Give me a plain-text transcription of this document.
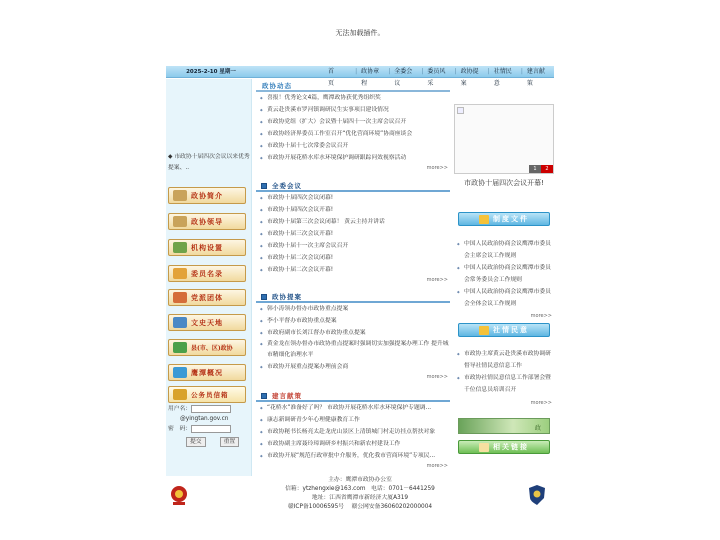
无法加载插件。
2025-2-10 星期一	首　　页
| 政协章程
| 全委会议
| 委员风采
| 政协提案
| 社情民意
| 建言献策
◆ 市政协十届四次会议以来优秀提案、..
政协简介
政协领导
机构设置
委员名录
党派团体
文史天地
县(市、区)政协
鹰潭概况
公务员信箱
用户名：
@yingtan.gov.cn
密　码：
提交	重置
政协动态
◆ 喜报！优秀论文4篇，鹰潭政协获优秀组织奖
◆ 黄云赴贵溪市罗河镇调研民生实事项目建设情况
◆ 市政协党组（扩大）会议暨十届四十一次主席会议召开
◆ 市政协经济界委员工作室召开“优化营商环境”协商座谈会
◆ 市政协十届十七次常委会议召开
◆ 市政协开展花桥水库水环境保护调研跟踪问效视察活动
more>>
全委会议
◆ 市政协十届四次会议闭幕!
◆ 市政协十届四次会议开幕!
◆ 市政协十届第三次会议闭幕！ 黄云主持并讲话
◆ 市政协十届三次会议开幕!
◆ 市政协十届十一次主席会议召开
◆ 市政协十届二次会议闭幕!
◆ 市政协十届二次会议开幕!
more>>
政协提案
◆ 韩小涛领办督办市政协重点提案
◆ 李小平督办市政协重点提案
◆ 市政府副市长刘江督办市政协重点提案
◆ 黄金龙在领办督办市政协重点提案时强调切实加强提案办理工作 提升城市精细化治理水平
◆ 市政协开展重点提案办理前会商
more>>
建言献策
◆ “花桥水”准备好了吗？ 市政协开展花桥水库水环境保护专题调...
◆ 康志新调研青少年心理健康教育工作
◆ 市政协秘书长杨亮太赴龙虎山景区上清镇城门村走访挂点帮扶对象
◆ 市政协副主席聂玲璋调研乡村振兴和新农村建设工作
◆ 市政协开展“规范行政审批中介服务，优化我市营商环境”专项民...
more>>
1	2
市政协十届四次会议开幕!
制度文件
◆ 中国人民政治协商会议鹰潭市委员会主席会议工作规则
◆ 中国人民政治协商会议鹰潭市委员会常务委员会工作规则
◆ 中国人民政治协商会议鹰潭市委员会全体会议工作规则
more>>
社情民意
◆ 市政协主席黄云赴贵溪市政协调研督导社情民意信息工作
◆ 市政协社情民意信息工作部署会暨千位信息员培训召开
more>>
政
相关链接
主办：鹰潭市政协办公室
信箱：ytzhengxie@163.com 电话：0701－6441259
地址：江西省鹰潭市新经济大厦A319
赣ICP备10006595号 赣公网安备36060202000004
